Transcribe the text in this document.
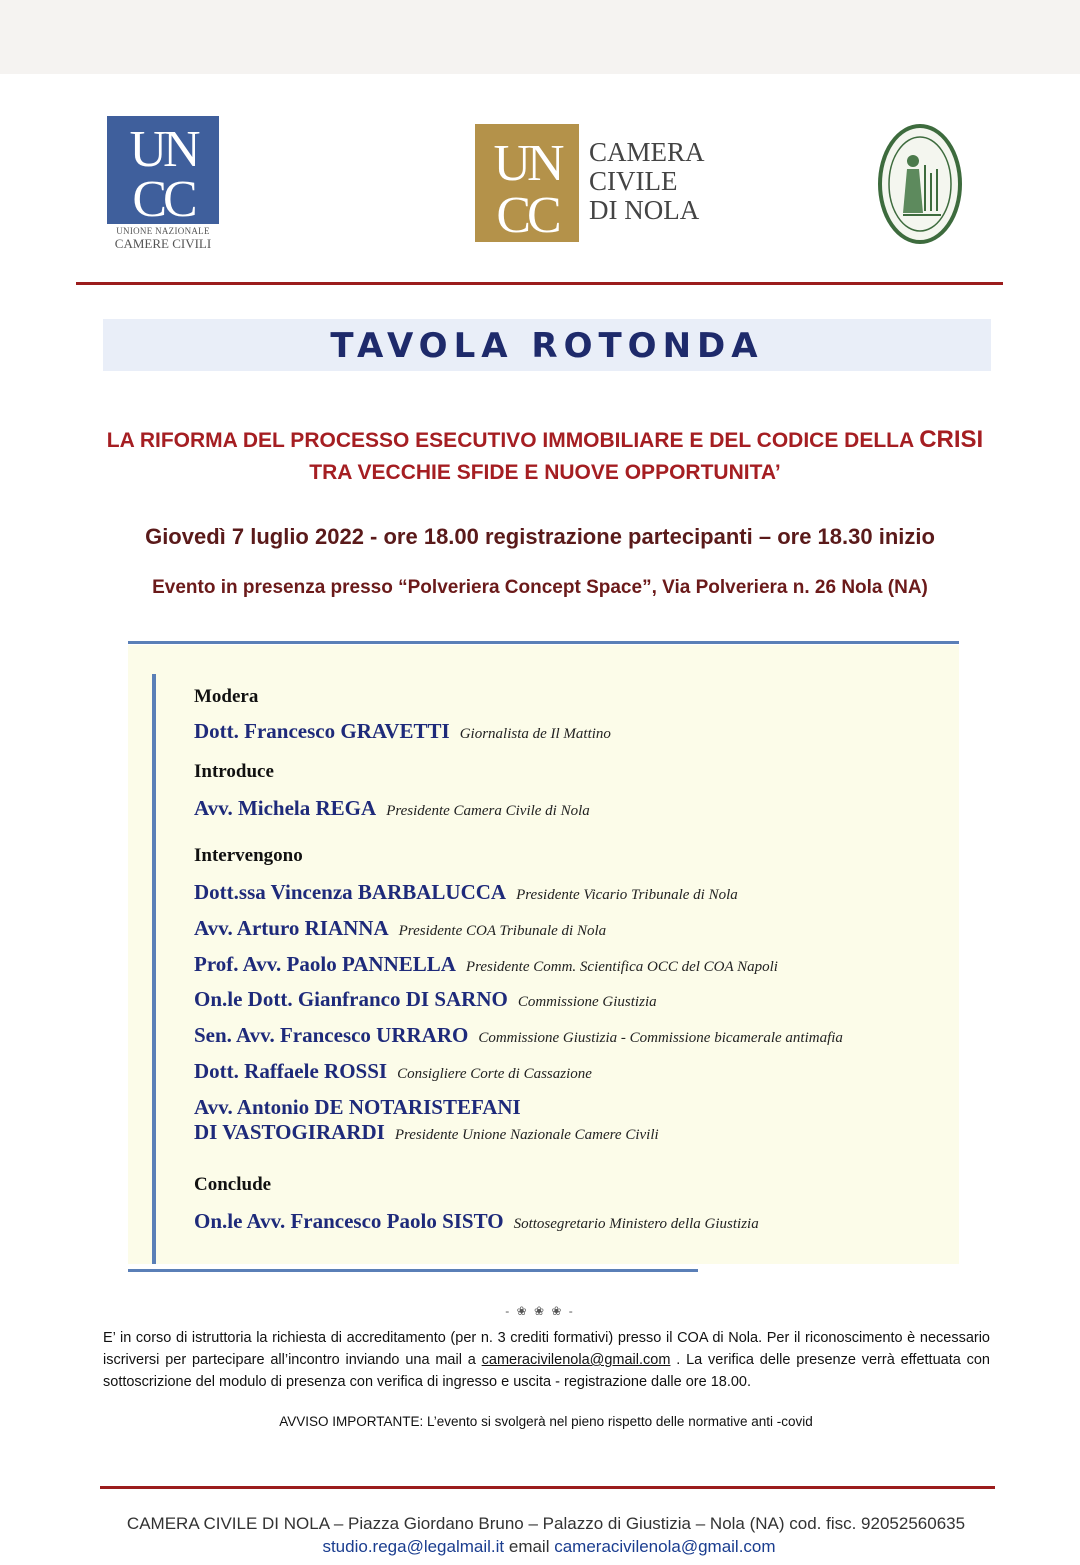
UN
CC
UNIONE NAZIONALE
CAMERE CIVILI
UN
CC
CAMERA
CIVILE
DI NOLA
TAVOLA ROTONDA
LA RIFORMA DEL PROCESSO ESECUTIVO IMMOBILIARE E DEL CODICE DELLA CRISI
TRA VECCHIE SFIDE E NUOVE OPPORTUNITA’
Giovedì 7 luglio 2022 - ore 18.00 registrazione partecipanti – ore 18.30 inizio
Evento in presenza presso “Polveriera Concept Space”, Via Polveriera n. 26 Nola (NA)
Modera
Dott. Francesco GRAVETTI Giornalista de Il Mattino
Introduce
Avv. Michela REGA Presidente Camera Civile di Nola
Intervengono
Dott.ssa Vincenza BARBALUCCA Presidente Vicario Tribunale di Nola
Avv. Arturo RIANNA Presidente COA Tribunale di Nola
Prof. Avv. Paolo PANNELLA Presidente Comm. Scientifica OCC del COA Napoli
On.le Dott. Gianfranco DI SARNO Commissione Giustizia
Sen. Avv. Francesco URRARO Commissione Giustizia - Commissione bicamerale antimafia
Dott. Raffaele ROSSI Consigliere Corte di Cassazione
Avv. Antonio DE NOTARISTEFANI
DI VASTOGIRARDI Presidente Unione Nazionale Camere Civili
Conclude
On.le Avv. Francesco Paolo SISTO Sottosegretario Ministero della Giustizia
- ❀ ❀ ❀ -
E’ in corso di istruttoria la richiesta di accreditamento (per n. 3 crediti formativi) presso il COA di Nola. Per il riconoscimento è necessario iscriversi per partecipare all’incontro inviando una mail a cameracivilenola@gmail.com . La verifica delle presenze verrà effettuata con sottoscrizione del modulo di presenza con verifica di ingresso e uscita - registrazione dalle ore 18.00.
AVVISO IMPORTANTE: L’evento si svolgerà nel pieno rispetto delle normative anti -covid
CAMERA CIVILE DI NOLA – Piazza Giordano Bruno – Palazzo di Giustizia – Nola (NA) cod. fisc. 92052560635
studio.rega@legalmail.it email cameracivilenola@gmail.com
